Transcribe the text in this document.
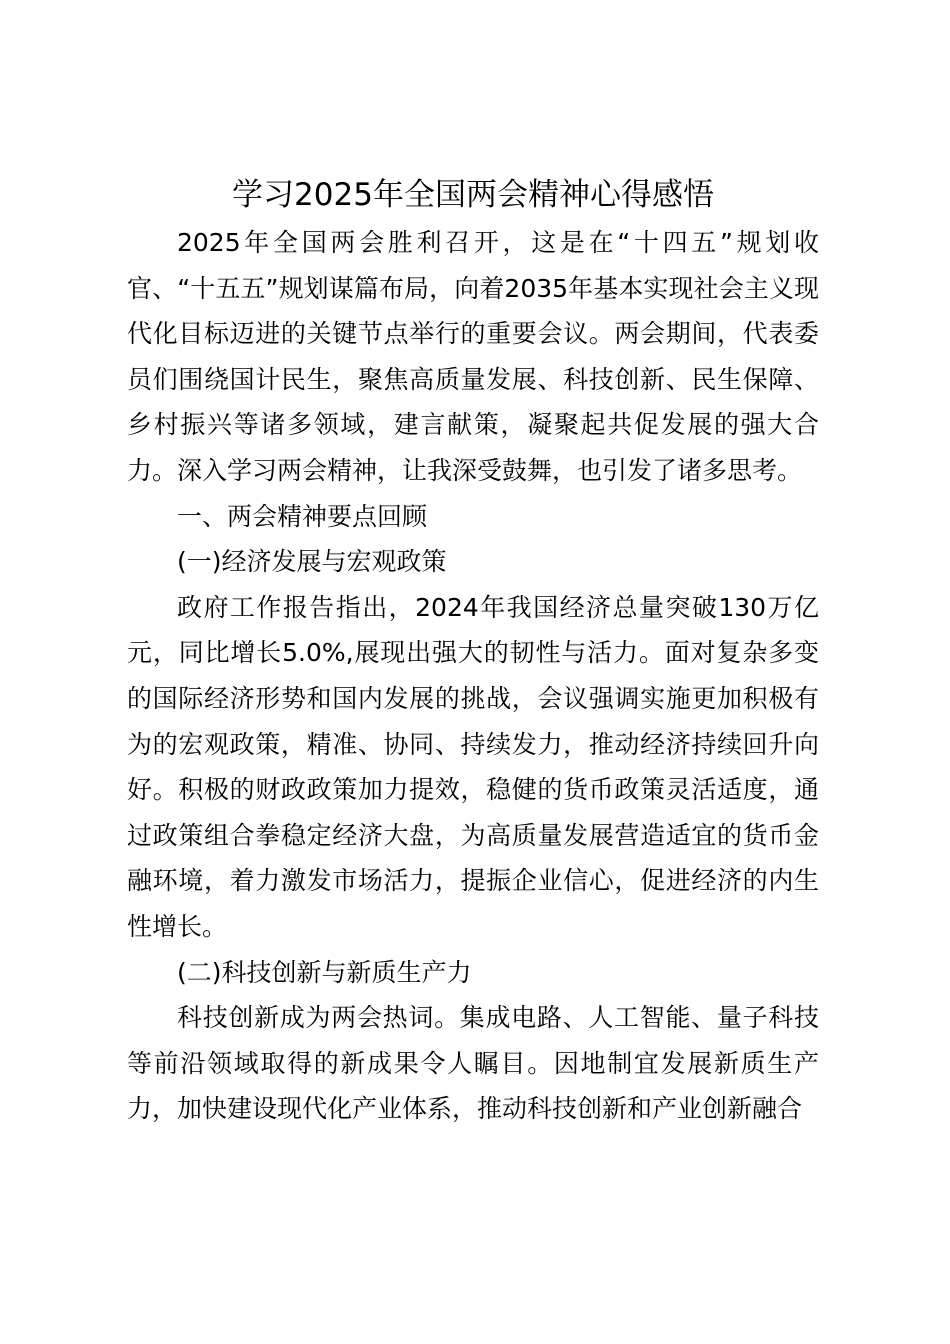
学习2025年全国两会精神心得感悟

2025年全国两会胜利召开，这是在“十四五”规划收官、“十五五”规划谋篇布局，向着2035年基本实现社会主义现代化目标迈进的关键节点举行的重要会议。两会期间，代表委员们围绕国计民生，聚焦高质量发展、科技创新、民生保障、乡村振兴等诸多领域，建言献策，凝聚起共促发展的强大合力。深入学习两会精神，让我深受鼓舞，也引发了诸多思考。

一、两会精神要点回顾

(一)经济发展与宏观政策

政府工作报告指出，2024年我国经济总量突破130万亿元，同比增长5.0%,展现出强大的韧性与活力。面对复杂多变的国际经济形势和国内发展的挑战，会议强调实施更加积极有为的宏观政策，精准、协同、持续发力，推动经济持续回升向好。积极的财政政策加力提效，稳健的货币政策灵活适度，通过政策组合拳稳定经济大盘，为高质量发展营造适宜的货币金融环境，着力激发市场活力，提振企业信心，促进经济的内生性增长。

(二)科技创新与新质生产力

科技创新成为两会热词。集成电路、人工智能、量子科技等前沿领域取得的新成果令人瞩目。因地制宜发展新质生产力，加快建设现代化产业体系，推动科技创新和产业创新融合
